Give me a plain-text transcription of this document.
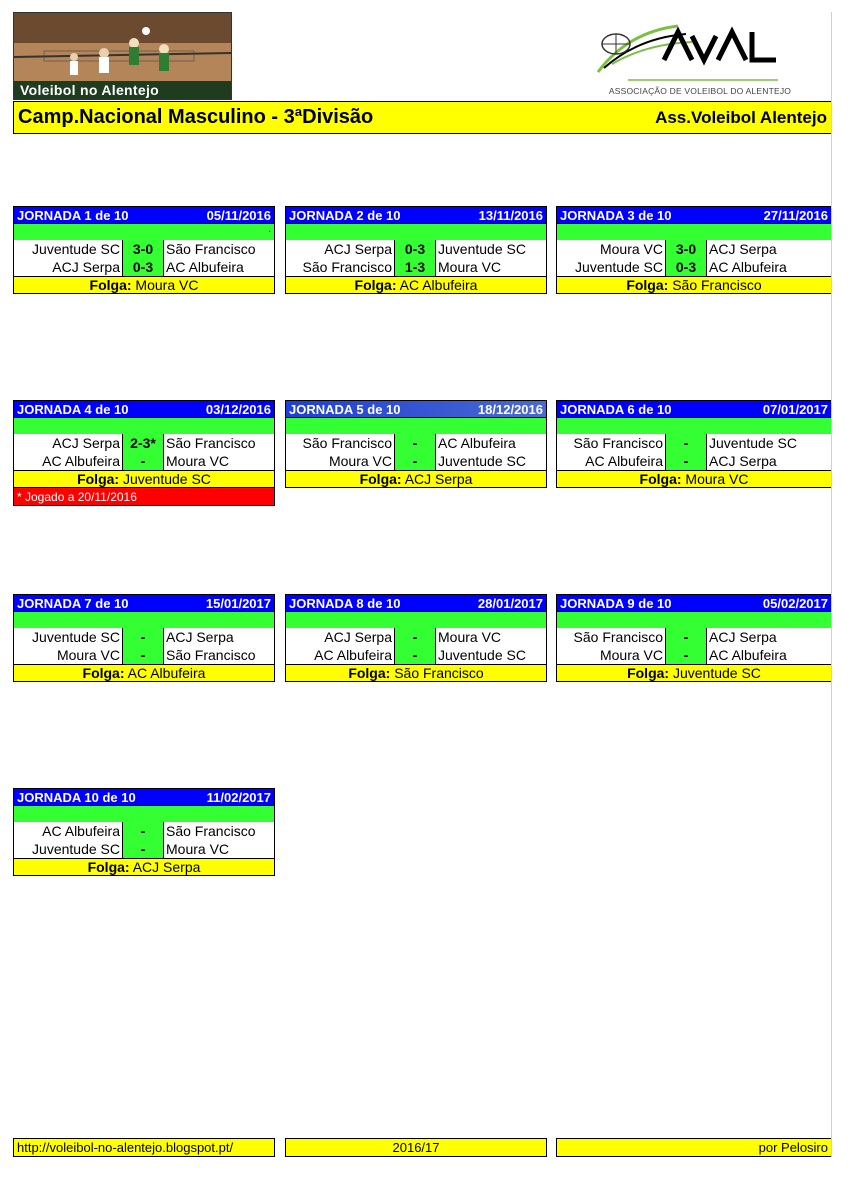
Voleibol no Alentejo	ASSOCIAÇÃO DE VOLEIBOL DO ALENTEJO
Camp.Nacional Masculino - 3ªDivisão	Ass.Voleibol Alentejo
JORNADA 1 de 10	05/11/2016
.
Juventude SC 3-0 São Francisco
ACJ Serpa 0-3 AC Albufeira
Folga: Moura VC
JORNADA 2 de 10	13/11/2016
ACJ Serpa 0-3 Juventude SC
São Francisco 1-3 Moura VC
Folga: AC Albufeira
JORNADA 3 de 10	27/11/2016
Moura VC 3-0 ACJ Serpa
Juventude SC 0-3 AC Albufeira
Folga: São Francisco
JORNADA 4 de 10	03/12/2016
ACJ Serpa 2-3* São Francisco
AC Albufeira	-	Moura VC
Folga: Juventude SC
* Jogado a 20/11/2016
JORNADA 5 de 10	18/12/2016
São Francisco	-	AC Albufeira
Moura VC	-	Juventude SC
Folga: ACJ Serpa
JORNADA 6 de 10	07/01/2017
São Francisco	-	Juventude SC
AC Albufeira	-	ACJ Serpa
Folga: Moura VC
JORNADA 7 de 10	15/01/2017
Juventude SC	-	ACJ Serpa
Moura VC	-	São Francisco
Folga: AC Albufeira
JORNADA 8 de 10	28/01/2017
ACJ Serpa	-	Moura VC
AC Albufeira	-	Juventude SC
Folga: São Francisco
JORNADA 9 de 10	05/02/2017
São Francisco	-	ACJ Serpa
Moura VC	-	AC Albufeira
Folga: Juventude SC
JORNADA 10 de 10	11/02/2017
AC Albufeira	-	São Francisco
Juventude SC	-	Moura VC
Folga: ACJ Serpa
http://voleibol-no-alentejo.blogspot.pt/	2016/17	por Pelosiro
